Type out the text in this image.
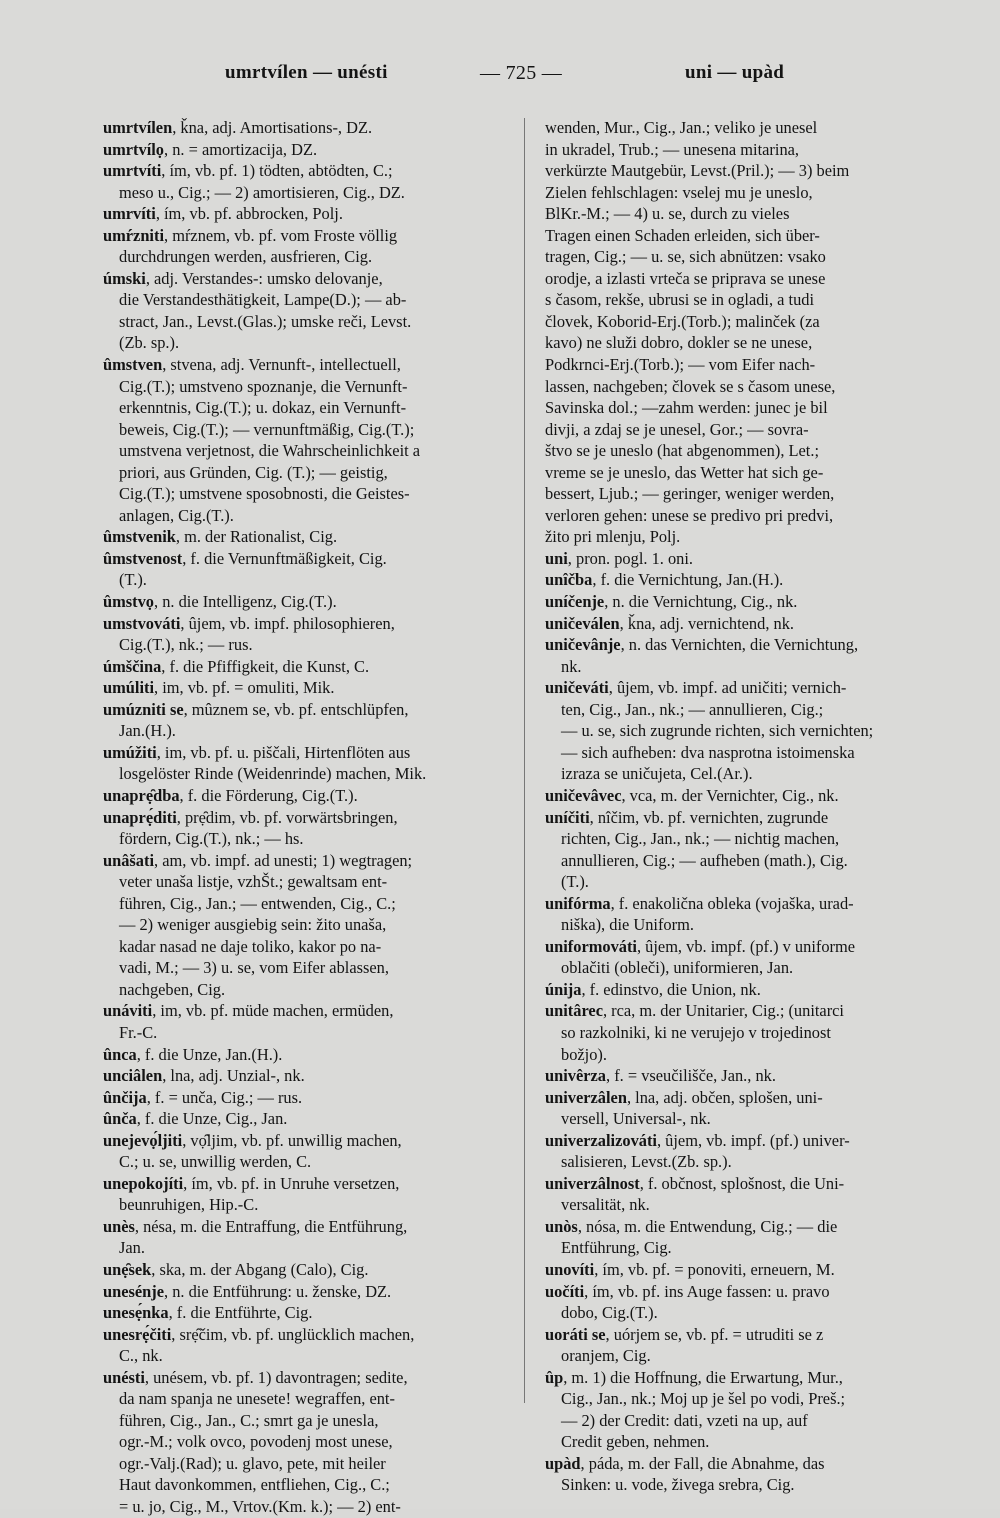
umrtvílen — unésti	— 725 —	uni — upàd
umrtvílen, ǩna, adj. Amortisations-, DZ.
umrtvílọ, n. = amortizacija, DZ.
umrtvíti, ím, vb. pf. 1) tödten, abtödten, C.;
meso u., Cig.; — 2) amortisieren, Cig., DZ.
umrvíti, ím, vb. pf. abbrocken, Polj.
umŕzniti, mŕznem, vb. pf. vom Froste völlig
durchdrungen werden, ausfrieren, Cig.
úmski, adj. Verstandes-: umsko delovanje,
die Verstandesthätigkeit, Lampe(D.); — ab-
stract, Jan., Levst.(Glas.); umske reči, Levst.
(Zb. sp.).
ûmstven, stvena, adj. Vernunft-, intellectuell,
Cig.(T.); umstveno spoznanje, die Vernunft-
erkenntnis, Cig.(T.); u. dokaz, ein Vernunft-
beweis, Cig.(T.); — vernunftmäßig, Cig.(T.);
umstvena verjetnost, die Wahrscheinlichkeit a
priori, aus Gründen, Cig. (T.); — geistig,
Cig.(T.); umstvene sposobnosti, die Geistes-
anlagen, Cig.(T.).
ûmstvenik, m. der Rationalist, Cig.
ûmstvenost, f. die Vernunftmäßigkeit, Cig.
(T.).
ûmstvọ, n. die Intelligenz, Cig.(T.).
umstvováti, ûjem, vb. impf. philosophieren,
Cig.(T.), nk.; — rus.
úmščina, f. die Pfiffigkeit, die Kunst, C.
umúliti, im, vb. pf. = omuliti, Mik.
umúzniti se, mûznem se, vb. pf. entschlüpfen,
Jan.(H.).
umúžiti, im, vb. pf. u. piščali, Hirtenflöten aus
losgelöster Rinde (Weidenrinde) machen, Mik.
unaprẹ̑dba, f. die Förderung, Cig.(T.).
unaprẹ́diti, prẹ̑dim, vb. pf. vorwärtsbringen,
fördern, Cig.(T.), nk.; — hs.
unâšati, am, vb. impf. ad unesti; 1) wegtragen;
veter unaša listje, vzhŠt.; gewaltsam ent-
führen, Cig., Jan.; — entwenden, Cig., C.;
— 2) weniger ausgiebig sein: žito unaša,
kadar nasad ne daje toliko, kakor po na-
vadi, M.; — 3) u. se, vom Eifer ablassen,
nachgeben, Cig.
unáviti, im, vb. pf. müde machen, ermüden,
Fr.-C.
ûnca, f. die Unze, Jan.(H.).
unciâlen, lna, adj. Unzial-, nk.
ûnčija, f. = unča, Cig.; — rus.
ûnča, f. die Unze, Cig., Jan.
unejevọ́ljiti, vọ̑ljim, vb. pf. unwillig machen,
C.; u. se, unwillig werden, C.
unepokojíti, ím, vb. pf. in Unruhe versetzen,
beunruhigen, Hip.-C.
unès, nésa, m. die Entraffung, die Entführung,
Jan.
unẹ̑sek, ska, m. der Abgang (Calo), Cig.
unesénje, n. die Entführung: u. ženske, DZ.
unesẹ́nka, f. die Entführte, Cig.
unesrẹ́čiti, srẹ̑čim, vb. pf. unglücklich machen,
C., nk.
unésti, unésem, vb. pf. 1) davontragen; sedite,
da nam spanja ne unesete! wegraffen, ent-
führen, Cig., Jan., C.; smrt ga je unesla,
ogr.-M.; volk ovco, povodenj most unese,
ogr.-Valj.(Rad); u. glavo, pete, mit heiler
Haut davonkommen, entfliehen, Cig., C.;
= u. jo, Cig., M., Vrtov.(Km. k.); — 2) ent-
wenden, Mur., Cig., Jan.; veliko je unesel
in ukradel, Trub.; — unesena mitarina,
verkürzte Mautgebür, Levst.(Pril.); — 3) beim
Zielen fehlschlagen: vselej mu je uneslo,
BlKr.-M.; — 4) u. se, durch zu vieles
Tragen einen Schaden erleiden, sich über-
tragen, Cig.; — u. se, sich abnützen: vsako
orodje, a izlasti vrteča se pripravа se unese
s časom, rekše, ubrusi se in ogladi, a tudi
človek, Koborid-Erj.(Torb.); malinček (za
kavo) ne služi dobro, dokler se ne unese,
Podkrnci-Erj.(Torb.); — vom Eifer nach-
lassen, nachgeben; človek se s časom unese,
Savinska dol.; —zahm werden: junec je bil
divji, a zdaj se je unesel, Gor.; — sovra-
štvo se je uneslo (hat abgenommen), Let.;
vreme se je uneslo, das Wetter hat sich ge-
bessert, Ljub.; — geringer, weniger werden,
verloren gehen: unese se predivo pri predvi,
žito pri mlenju, Polj.
uni, pron. pogl. 1. oni.
unîčba, f. die Vernichtung, Jan.(H.).
uníčenje, n. die Vernichtung, Cig., nk.
uničeválen, ǩna, adj. vernichtend, nk.
uničevânje, n. das Vernichten, die Vernichtung,
nk.
uničeváti, ûjem, vb. impf. ad uničiti; vernich-
ten, Cig., Jan., nk.; — annullieren, Cig.;
— u. se, sich zugrunde richten, sich vernichten;
— sich aufheben: dva nasprotna istoimenska
izraza se uničujeta, Cel.(Ar.).
uničevâvec, vca, m. der Vernichter, Cig., nk.
uníčiti, nîčim, vb. pf. vernichten, zugrunde
richten, Cig., Jan., nk.; — nichtig machen,
annullieren, Cig.; — aufheben (math.), Cig.
(T.).
unifórma, f. enakolična obleka (vojaška, urad-
niška), die Uniform.
uniformováti, ûjem, vb. impf. (pf.) v uniforme
oblačiti (obleči), uniformieren, Jan.
únija, f. edinstvo, die Union, nk.
unitârec, rca, m. der Unitarier, Cig.; (unitarci
so razkolniki, ki ne verujejo v trojedinost
božjo).
univêrza, f. = vseučilišče, Jan., nk.
univerzâlen, lna, adj. občen, splošen, uni-
versell, Universal-, nk.
univerzalizováti, ûjem, vb. impf. (pf.) univer-
salisieren, Levst.(Zb. sp.).
univerzâlnost, f. občnost, splošnost, die Uni-
versalität, nk.
unòs, nósa, m. die Entwendung, Cig.; — die
Entführung, Cig.
unovíti, ím, vb. pf. = ponoviti, erneuern, M.
uočíti, ím, vb. pf. ins Auge fassen: u. pravo
dobo, Cig.(T.).
uoráti se, uórjem se, vb. pf. = utruditi se z
oranjem, Cig.
ûp, m. 1) die Hoffnung, die Erwartung, Mur.,
Cig., Jan., nk.; Moj up je šel po vodi, Preš.;
— 2) der Credit: dati, vzeti na up, auf
Credit geben, nehmen.
upàd, páda, m. der Fall, die Abnahme, das
Sinken: u. vode, živega srebra, Cig.
